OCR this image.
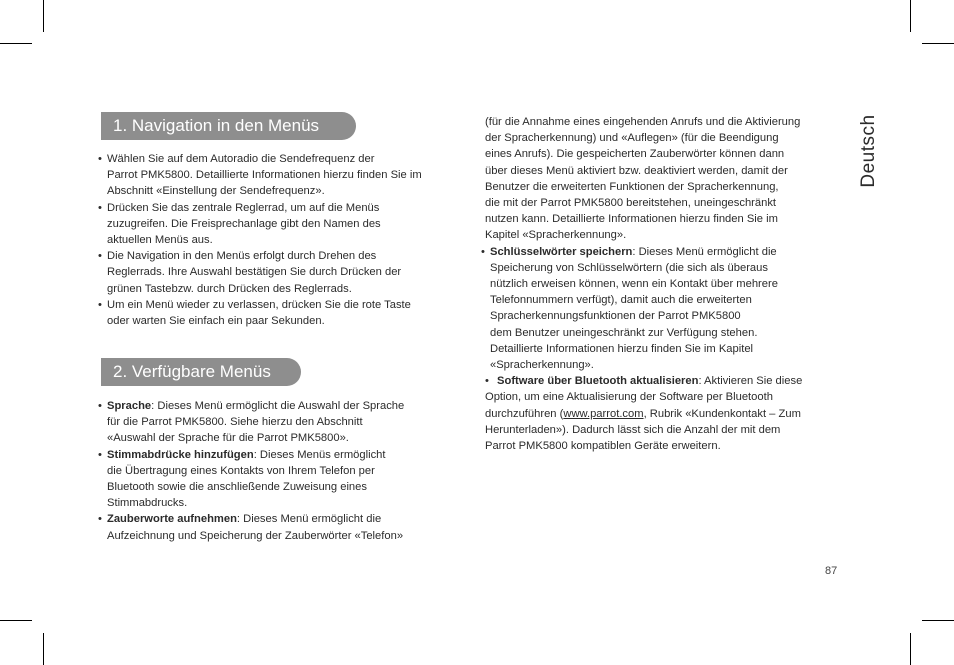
1. Navigation in den Menüs

• Wählen Sie auf dem Autoradio die Sendefrequenz der
Parrot PMK5800. Detaillierte Informationen hierzu finden Sie im
Abschnitt «Einstellung der Sendefrequenz».

• Drücken Sie das zentrale Reglerrad, um auf die Menüs
zuzugreifen. Die Freisprechanlage gibt den Namen des
aktuellen Menüs aus.

• Die Navigation in den Menüs erfolgt durch Drehen des
Reglerrads. Ihre Auswahl bestätigen Sie durch Drücken der
grünen Tastebzw. durch Drücken des Reglerrads.

• Um ein Menü wieder zu verlassen, drücken Sie die rote Taste
oder warten Sie einfach ein paar Sekunden.

2. Verfügbare Menüs

• Sprache: Dieses Menü ermöglicht die Auswahl der Sprache
für die Parrot PMK5800. Siehe hierzu den Abschnitt
«Auswahl der Sprache für die Parrot PMK5800».

• Stimmabdrücke hinzufügen: Dieses Menüs ermöglicht
die Übertragung eines Kontakts von Ihrem Telefon per
Bluetooth sowie die anschließende Zuweisung eines
Stimmabdrucks.

• Zauberworte aufnehmen: Dieses Menü ermöglicht die
Aufzeichnung und Speicherung der Zauberwörter «Telefon»

(für die Annahme eines eingehenden Anrufs und die Aktivierung
der Spracherkennung) und «Auflegen» (für die Beendigung
eines Anrufs). Die gespeicherten Zauberwörter können dann
über dieses Menü aktiviert bzw. deaktiviert werden, damit der
Benutzer die erweiterten Funktionen der Spracherkennung,
die mit der Parrot PMK5800 bereitstehen, uneingeschränkt
nutzen kann. Detaillierte Informationen hierzu finden Sie im
Kapitel «Spracherkennung».

• Schlüsselwörter speichern: Dieses Menü ermöglicht die
Speicherung von Schlüsselwörtern (die sich als überaus
nützlich erweisen können, wenn ein Kontakt über mehrere
Telefonnummern verfügt), damit auch die erweiterten
Spracherkennungsfunktionen der Parrot PMK5800
dem Benutzer uneingeschränkt zur Verfügung stehen.
Detaillierte Informationen hierzu finden Sie im Kapitel
«Spracherkennung».

• Software über Bluetooth aktualisieren: Aktivieren Sie diese
Option, um eine Aktualisierung der Software per Bluetooth
durchzuführen (www.parrot.com, Rubrik «Kundenkontakt – Zum
Herunterladen»). Dadurch lässt sich die Anzahl der mit dem
Parrot PMK5800 kompatiblen Geräte erweitern.

Deutsch
87
